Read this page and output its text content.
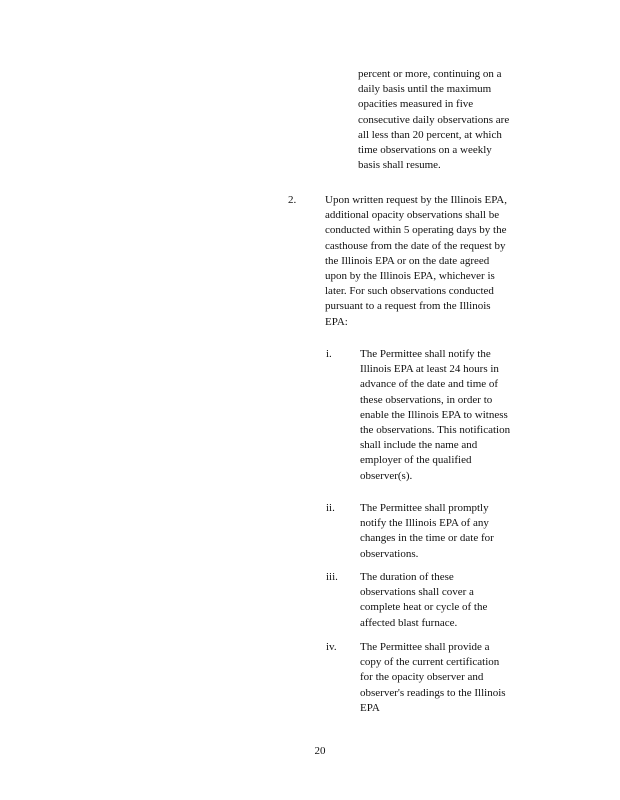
percent or more, continuing on a daily basis until the maximum opacities measured in five consecutive daily observations are all less than 20 percent, at which time observations on a weekly basis shall resume.

2.	Upon written request by the Illinois EPA, additional opacity observations shall be conducted within 5 operating days by the casthouse from the date of the request by the Illinois EPA or on the date agreed upon by the Illinois EPA, whichever is later. For such observations conducted pursuant to a request from the Illinois EPA:

i.	The Permittee shall notify the Illinois EPA at least 24 hours in advance of the date and time of these observations, in order to enable the Illinois EPA to witness the observations. This notification shall include the name and employer of the qualified observer(s).

ii. The Permittee shall promptly notify the Illinois EPA of any changes in the time or date for observations.

iii. The duration of these observations shall cover a complete heat or cycle of the affected blast furnace.

iv. The Permittee shall provide a copy of the current certification for the opacity observer and observer's readings to the Illinois EPA

20
